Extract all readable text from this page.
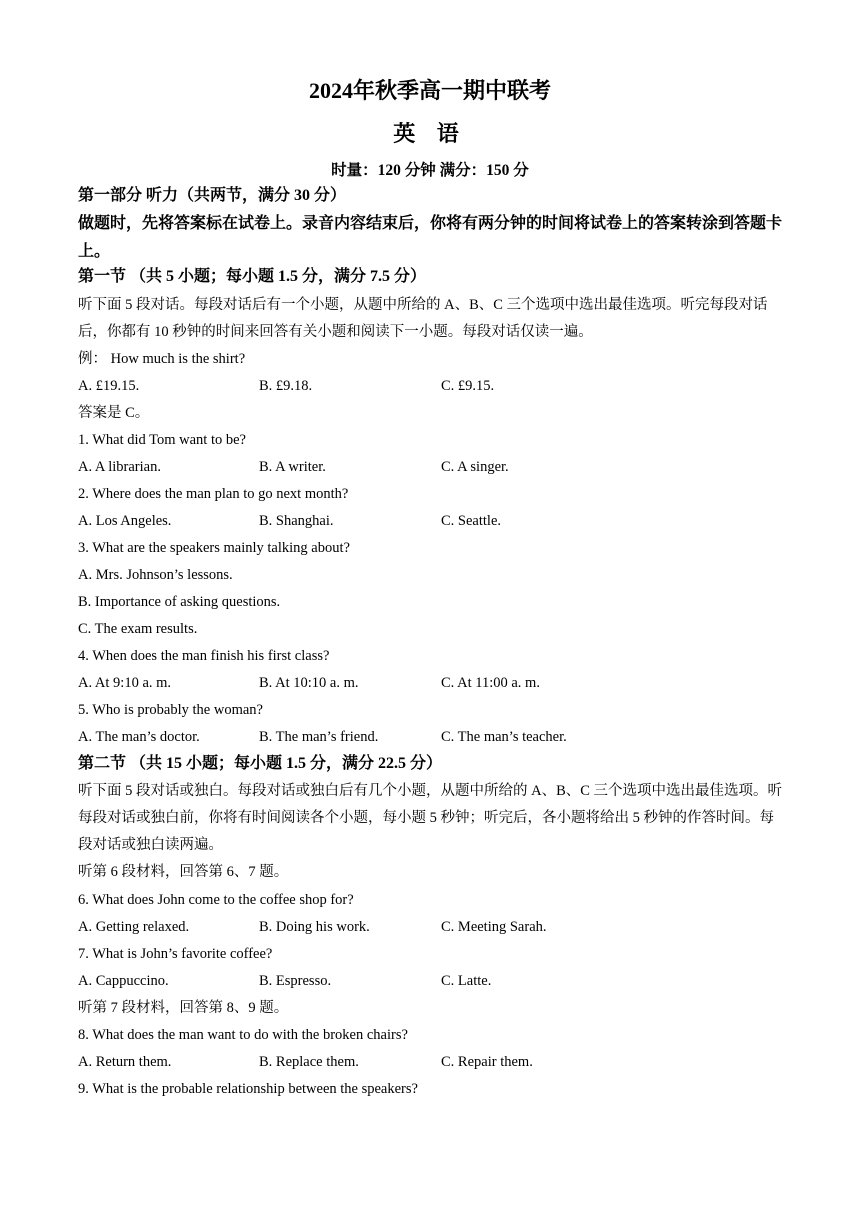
2024年秋季高一期中联考
英 语
时量：120 分钟 满分：150 分
第一部分 听力（共两节，满分 30 分）
做题时，先将答案标在试卷上。录音内容结束后，你将有两分钟的时间将试卷上的答案转涂到答题卡上。
第一节 （共 5 小题；每小题 1.5 分，满分 7.5 分）
听下面 5 段对话。每段对话后有一个小题，从题中所给的 A、B、C 三个选项中选出最佳选项。听完每段对话后，你都有 10 秒钟的时间来回答有关小题和阅读下一小题。每段对话仅读一遍。
例： How much is the shirt?
A. £19.15.	B. £9.18.	C. £9.15.
答案是 C。
1. What did Tom want to be?
A. A librarian.	B. A writer.	C. A singer.
2. Where does the man plan to go next month?
A. Los Angeles.	B. Shanghai.	C. Seattle.
3. What are the speakers mainly talking about?
A. Mrs. Johnson’s lessons.
B. Importance of asking questions.
C. The exam results.
4. When does the man finish his first class?
A. At 9:10 a. m.	B. At 10:10 a. m.	C. At 11:00 a. m.
5. Who is probably the woman?
A. The man’s doctor.	B. The man’s friend.	C. The man’s teacher.
第二节 （共 15 小题；每小题 1.5 分，满分 22.5 分）
听下面 5 段对话或独白。每段对话或独白后有几个小题，从题中所给的 A、B、C 三个选项中选出最佳选项。听每段对话或独白前，你将有时间阅读各个小题，每小题 5 秒钟；听完后，各小题将给出 5 秒钟的作答时间。每段对话或独白读两遍。
听第 6 段材料，回答第 6、7 题。
6. What does John come to the coffee shop for?
A. Getting relaxed.	B. Doing his work.	C. Meeting Sarah.
7. What is John’s favorite coffee?
A. Cappuccino.	B. Espresso.	C. Latte.
听第 7 段材料，回答第 8、9 题。
8. What does the man want to do with the broken chairs?
A. Return them.	B. Replace them.	C. Repair them.
9. What is the probable relationship between the speakers?
